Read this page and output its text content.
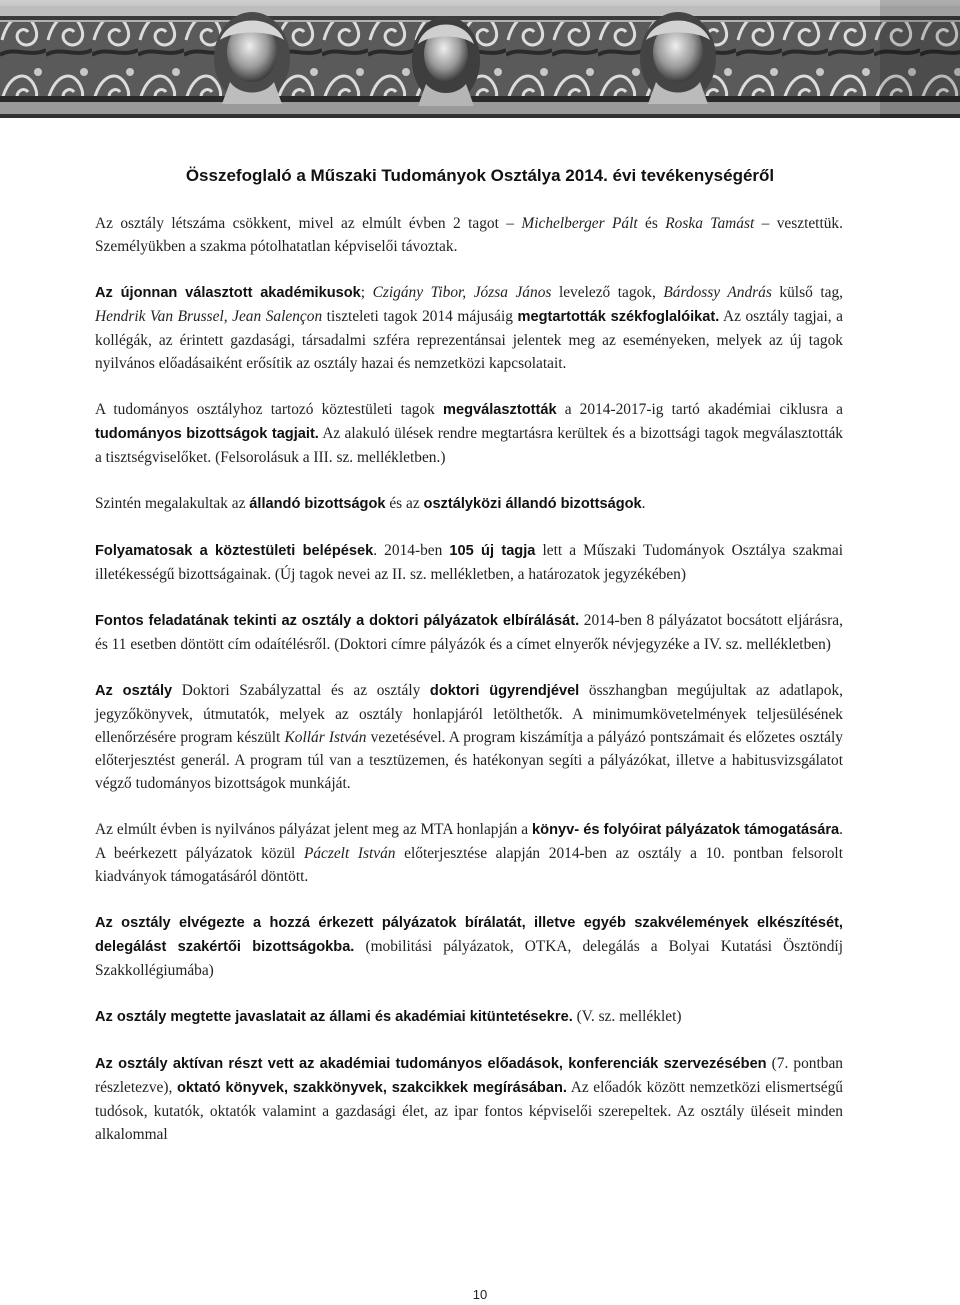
Összefoglaló a Műszaki Tudományok Osztálya 2014. évi tevékenységéről

Az osztály létszáma csökkent, mivel az elmúlt évben 2 tagot – Michelberger Pált és Roska Tamást – vesztettük. Személyükben a szakma pótolhatatlan képviselői távoztak.

Az újonnan választott akadémikusok; Czigány Tibor, Józsa János levelező tagok, Bárdossy András külső tag, Hendrik Van Brussel, Jean Salençon tiszteleti tagok 2014 májusáig megtartották székfoglalóikat. Az osztály tagjai, a kollégák, az érintett gazdasági, társadalmi szféra reprezentánsai jelentek meg az eseményeken, melyek az új tagok nyilvános előadásaiként erősítik az osztály hazai és nemzetközi kapcsolatait.

A tudományos osztályhoz tartozó köztestületi tagok megválasztották a 2014-2017-ig tartó akadémiai ciklusra a tudományos bizottságok tagjait. Az alakuló ülések rendre megtartásra kerültek és a bizottsági tagok megválasztották a tisztségviselőket. (Felsorolásuk a III. sz. mellékletben.)

Szintén megalakultak az állandó bizottságok és az osztályközi állandó bizottságok.

Folyamatosak a köztestületi belépések. 2014-ben 105 új tagja lett a Műszaki Tudományok Osztálya szakmai illetékességű bizottságainak. (Új tagok nevei az II. sz. mellékletben, a határozatok jegyzékében)

Fontos feladatának tekinti az osztály a doktori pályázatok elbírálását. 2014-ben 8 pályázatot bocsátott eljárásra, és 11 esetben döntött cím odaítélésről. (Doktori címre pályázók és a címet elnyerők névjegyzéke a IV. sz. mellékletben)

Az osztály Doktori Szabályzattal és az osztály doktori ügyrendjével összhangban megújultak az adatlapok, jegyzőkönyvek, útmutatók, melyek az osztály honlapjáról letölthetők. A minimumkövetelmények teljesülésének ellenőrzésére program készült Kollár István vezetésével. A program kiszámítja a pályázó pontszámait és előzetes osztály előterjesztést generál. A program túl van a tesztüzemen, és hatékonyan segíti a pályázókat, illetve a habitusvizsgálatot végző tudományos bizottságok munkáját.

Az elmúlt évben is nyilvános pályázat jelent meg az MTA honlapján a könyv- és folyóirat pályázatok támogatására. A beérkezett pályázatok közül Páczelt István előterjesztése alapján 2014-ben az osztály a 10. pontban felsorolt kiadványok támogatásáról döntött.

Az osztály elvégezte a hozzá érkezett pályázatok bírálatát, illetve egyéb szakvélemények elkészítését, delegálást szakértői bizottságokba. (mobilitási pályázatok, OTKA, delegálás a Bolyai Kutatási Ösztöndíj Szakkollégiumába)

Az osztály megtette javaslatait az állami és akadémiai kitüntetésekre. (V. sz. melléklet)

Az osztály aktívan részt vett az akadémiai tudományos előadások, konferenciák szervezésében (7. pontban részletezve), oktató könyvek, szakkönyvek, szakcikkek megírásában. Az előadók között nemzetközi elismertségű tudósok, kutatók, oktatók valamint a gazdasági élet, az ipar fontos képviselői szerepeltek. Az osztály üléseit minden alkalommal

10
